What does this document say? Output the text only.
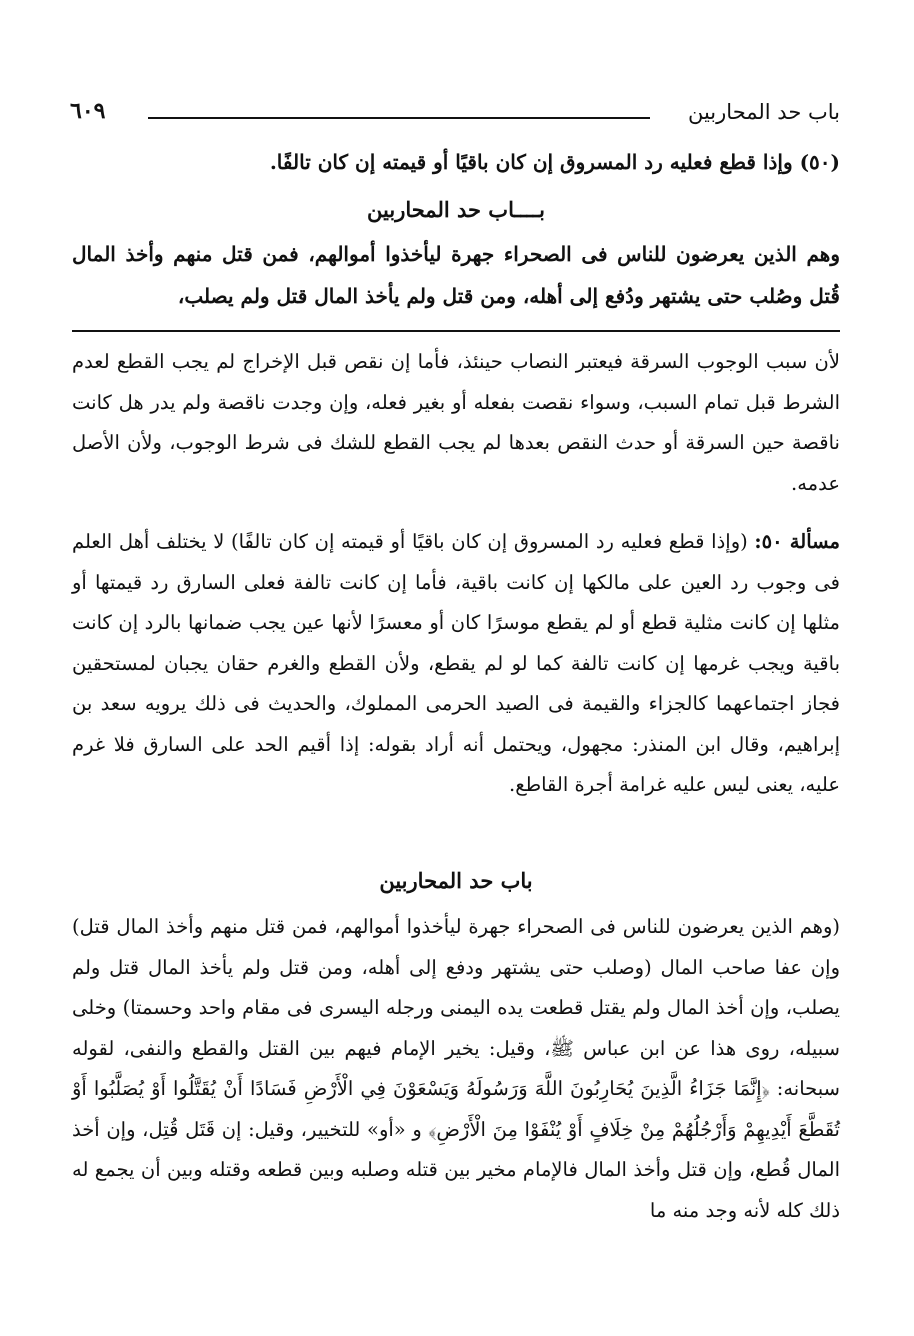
باب حد المحاربين
٦٠٩
(٥٠) وإذا قطع فعليه رد المسروق إن كان باقيًا أو قيمته إن كان تالفًا.
بــــاب حد المحاربين
وهم الذين يعرضون للناس فى الصحراء جهرة ليأخذوا أموالهم، فمن قتل منهم وأخذ المال قُتل وصُلب حتى يشتهر ودُفع إلى أهله، ومن قتل ولم يأخذ المال قتل ولم يصلب،
لأن سبب الوجوب السرقة فيعتبر النصاب حينئذ، فأما إن نقص قبل الإخراج لم يجب القطع لعدم الشرط قبل تمام السبب، وسواء نقصت بفعله أو بغير فعله، وإن وجدت ناقصة ولم يدر هل كانت ناقصة حين السرقة أو حدث النقص بعدها لم يجب القطع للشك فى شرط الوجوب، ولأن الأصل عدمه.
مسألة ٥٠: (وإذا قطع فعليه رد المسروق إن كان باقيًا أو قيمته إن كان تالفًا) لا يختلف أهل العلم فى وجوب رد العين على مالكها إن كانت باقية، فأما إن كانت تالفة فعلى السارق رد قيمتها أو مثلها إن كانت مثلية قطع أو لم يقطع موسرًا كان أو معسرًا لأنها عين يجب ضمانها بالرد إن كانت باقية ويجب غرمها إن كانت تالفة كما لو لم يقطع، ولأن القطع والغرم حقان يجبان لمستحقين فجاز اجتماعهما كالجزاء والقيمة فى الصيد الحرمى المملوك، والحديث فى ذلك يرويه سعد بن إبراهيم، وقال ابن المنذر: مجهول، ويحتمل أنه أراد بقوله: إذا أقيم الحد على السارق فلا غرم عليه، يعنى ليس عليه غرامة أجرة القاطع.
باب حد المحاربين
(وهم الذين يعرضون للناس فى الصحراء جهرة ليأخذوا أموالهم، فمن قتل منهم وأخذ المال قتل) وإن عفا صاحب المال (وصلب حتى يشتهر ودفع إلى أهله، ومن قتل ولم يأخذ المال قتل ولم يصلب، وإن أخذ المال ولم يقتل قطعت يده اليمنى ورجله اليسرى فى مقام واحد وحسمتا) وخلى سبيله، روى هذا عن ابن عباس ﷺ، وقيل: يخير الإمام فيهم بين القتل والقطع والنفى، لقوله سبحانه: ﴿إِنَّمَا جَزَاءُ الَّذِينَ يُحَارِبُونَ اللَّهَ وَرَسُولَهُ وَيَسْعَوْنَ فِي الْأَرْضِ فَسَادًا أَنْ يُقَتَّلُوا أَوْ يُصَلَّبُوا أَوْ تُقَطَّعَ أَيْدِيهِمْ وَأَرْجُلُهُمْ مِنْ خِلَافٍ أَوْ يُنْفَوْا مِنَ الْأَرْضِ﴾ و «أو» للتخيير، وقيل: إن قَتَل قُتِل، وإن أخذ المال قُطع، وإن قتل وأخذ المال فالإمام مخير بين قتله وصلبه وبين قطعه وقتله وبين أن يجمع له ذلك كله لأنه وجد منه ما
